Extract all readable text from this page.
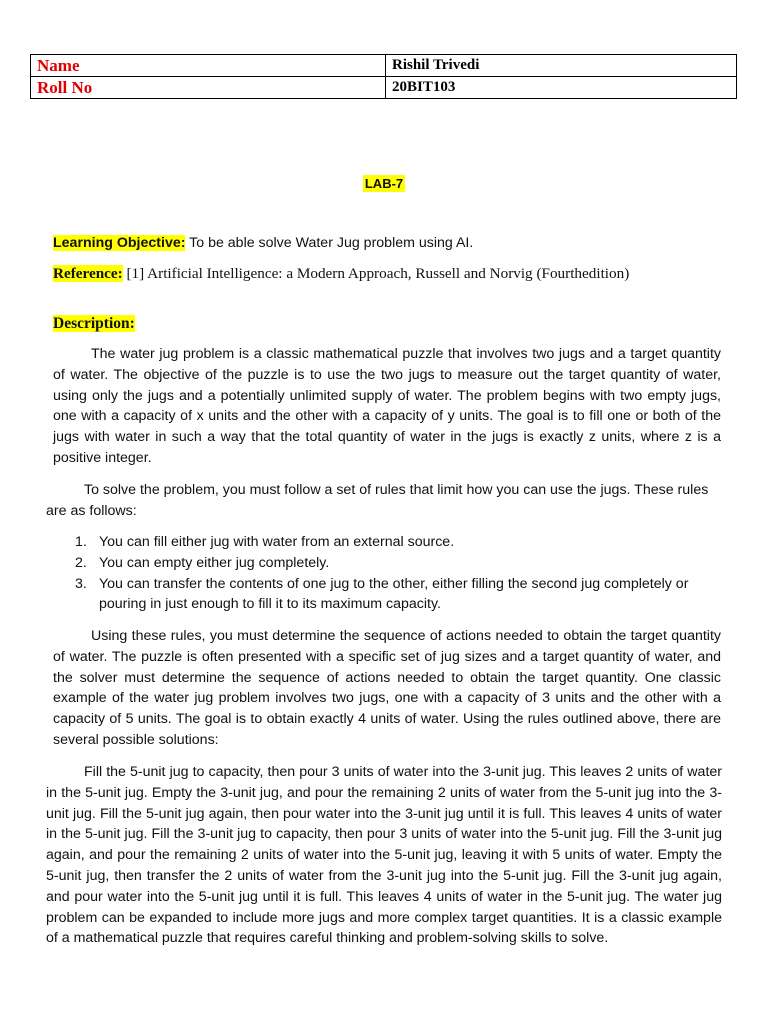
Name	Rishil Trivedi
Roll No	20BIT103
LAB-7
Learning Objective: To be able solve Water Jug problem using AI.
Reference: [1] Artificial Intelligence: a Modern Approach, Russell and Norvig (Fourthedition)
Description:

The water jug problem is a classic mathematical puzzle that involves two jugs and a target quantity of water. The objective of the puzzle is to use the two jugs to measure out the target quantity of water, using only the jugs and a potentially unlimited supply of water. The problem begins with two empty jugs, one with a capacity of x units and the other with a capacity of y units. The goal is to fill one or both of the jugs with water in such a way that the total quantity of water in the jugs is exactly z units, where z is a positive integer.

To solve the problem, you must follow a set of rules that limit how you can use the jugs. These rules are as follows:

1. You can fill either jug with water from an external source.
2. You can empty either jug completely.
3. You can transfer the contents of one jug to the other, either filling the second jug completely or pouring in just enough to fill it to its maximum capacity.

Using these rules, you must determine the sequence of actions needed to obtain the target quantity of water. The puzzle is often presented with a specific set of jug sizes and a target quantity of water, and the solver must determine the sequence of actions needed to obtain the target quantity. One classic example of the water jug problem involves two jugs, one with a capacity of 3 units and the other with a capacity of 5 units. The goal is to obtain exactly 4 units of water. Using the rules outlined above, there are several possible solutions:

Fill the 5-unit jug to capacity, then pour 3 units of water into the 3-unit jug. This leaves 2 units of water in the 5-unit jug. Empty the 3-unit jug, and pour the remaining 2 units of water from the 5-unit jug into the 3-unit jug. Fill the 5-unit jug again, then pour water into the 3-unit jug until it is full. This leaves 4 units of water in the 5-unit jug. Fill the 3-unit jug to capacity, then pour 3 units of water into the 5-unit jug. Fill the 3-unit jug again, and pour the remaining 2 units of water into the 5-unit jug, leaving it with 5 units of water. Empty the 5-unit jug, then transfer the 2 units of water from the 3-unit jug into the 5-unit jug. Fill the 3-unit jug again, and pour water into the 5-unit jug until it is full. This leaves 4 units of water in the 5-unit jug. The water jug problem can be expanded to include more jugs and more complex target quantities. It is a classic example of a mathematical puzzle that requires careful thinking and problem-solving skills to solve.
